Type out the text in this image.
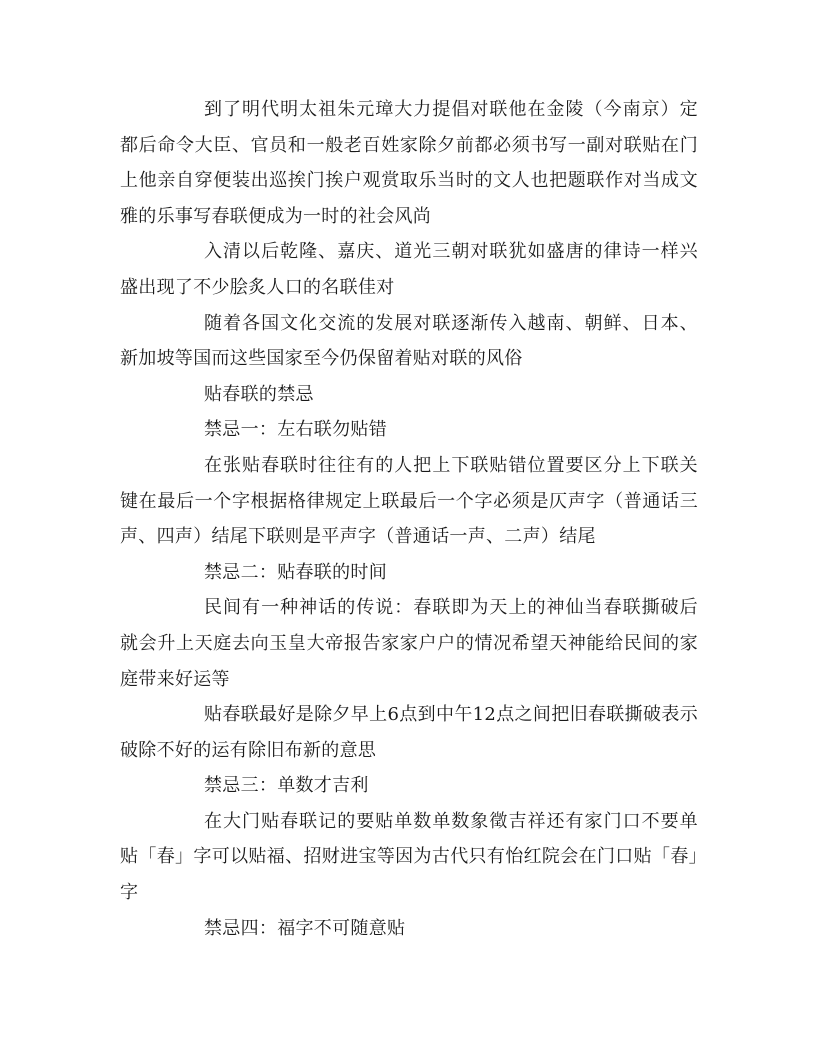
到了明代明太祖朱元璋大力提倡对联他在金陵（今南京）定都后命令大臣、官员和一般老百姓家除夕前都必须书写一副对联贴在门上他亲自穿便装出巡挨门挨户观赏取乐当时的文人也把题联作对当成文雅的乐事写春联便成为一时的社会风尚

入清以后乾隆、嘉庆、道光三朝对联犹如盛唐的律诗一样兴盛出现了不少脍炙人口的名联佳对

随着各国文化交流的发展对联逐渐传入越南、朝鲜、日本、新加坡等国而这些国家至今仍保留着贴对联的风俗

贴春联的禁忌

禁忌一：左右联勿贴错

在张贴春联时往往有的人把上下联贴错位置要区分上下联关键在最后一个字根据格律规定上联最后一个字必须是仄声字（普通话三声、四声）结尾下联则是平声字（普通话一声、二声）结尾

禁忌二：贴春联的时间

民间有一种神话的传说：春联即为天上的神仙当春联撕破后就会升上天庭去向玉皇大帝报告家家户户的情况希望天神能给民间的家庭带来好运等

贴春联最好是除夕早上6点到中午12点之间把旧春联撕破表示破除不好的运有除旧布新的意思

禁忌三：单数才吉利

在大门贴春联记的要贴单数单数象徵吉祥还有家门口不要单贴「春」字可以贴福、招财进宝等因为古代只有怡红院会在门口贴「春」字

禁忌四：福字不可随意贴
